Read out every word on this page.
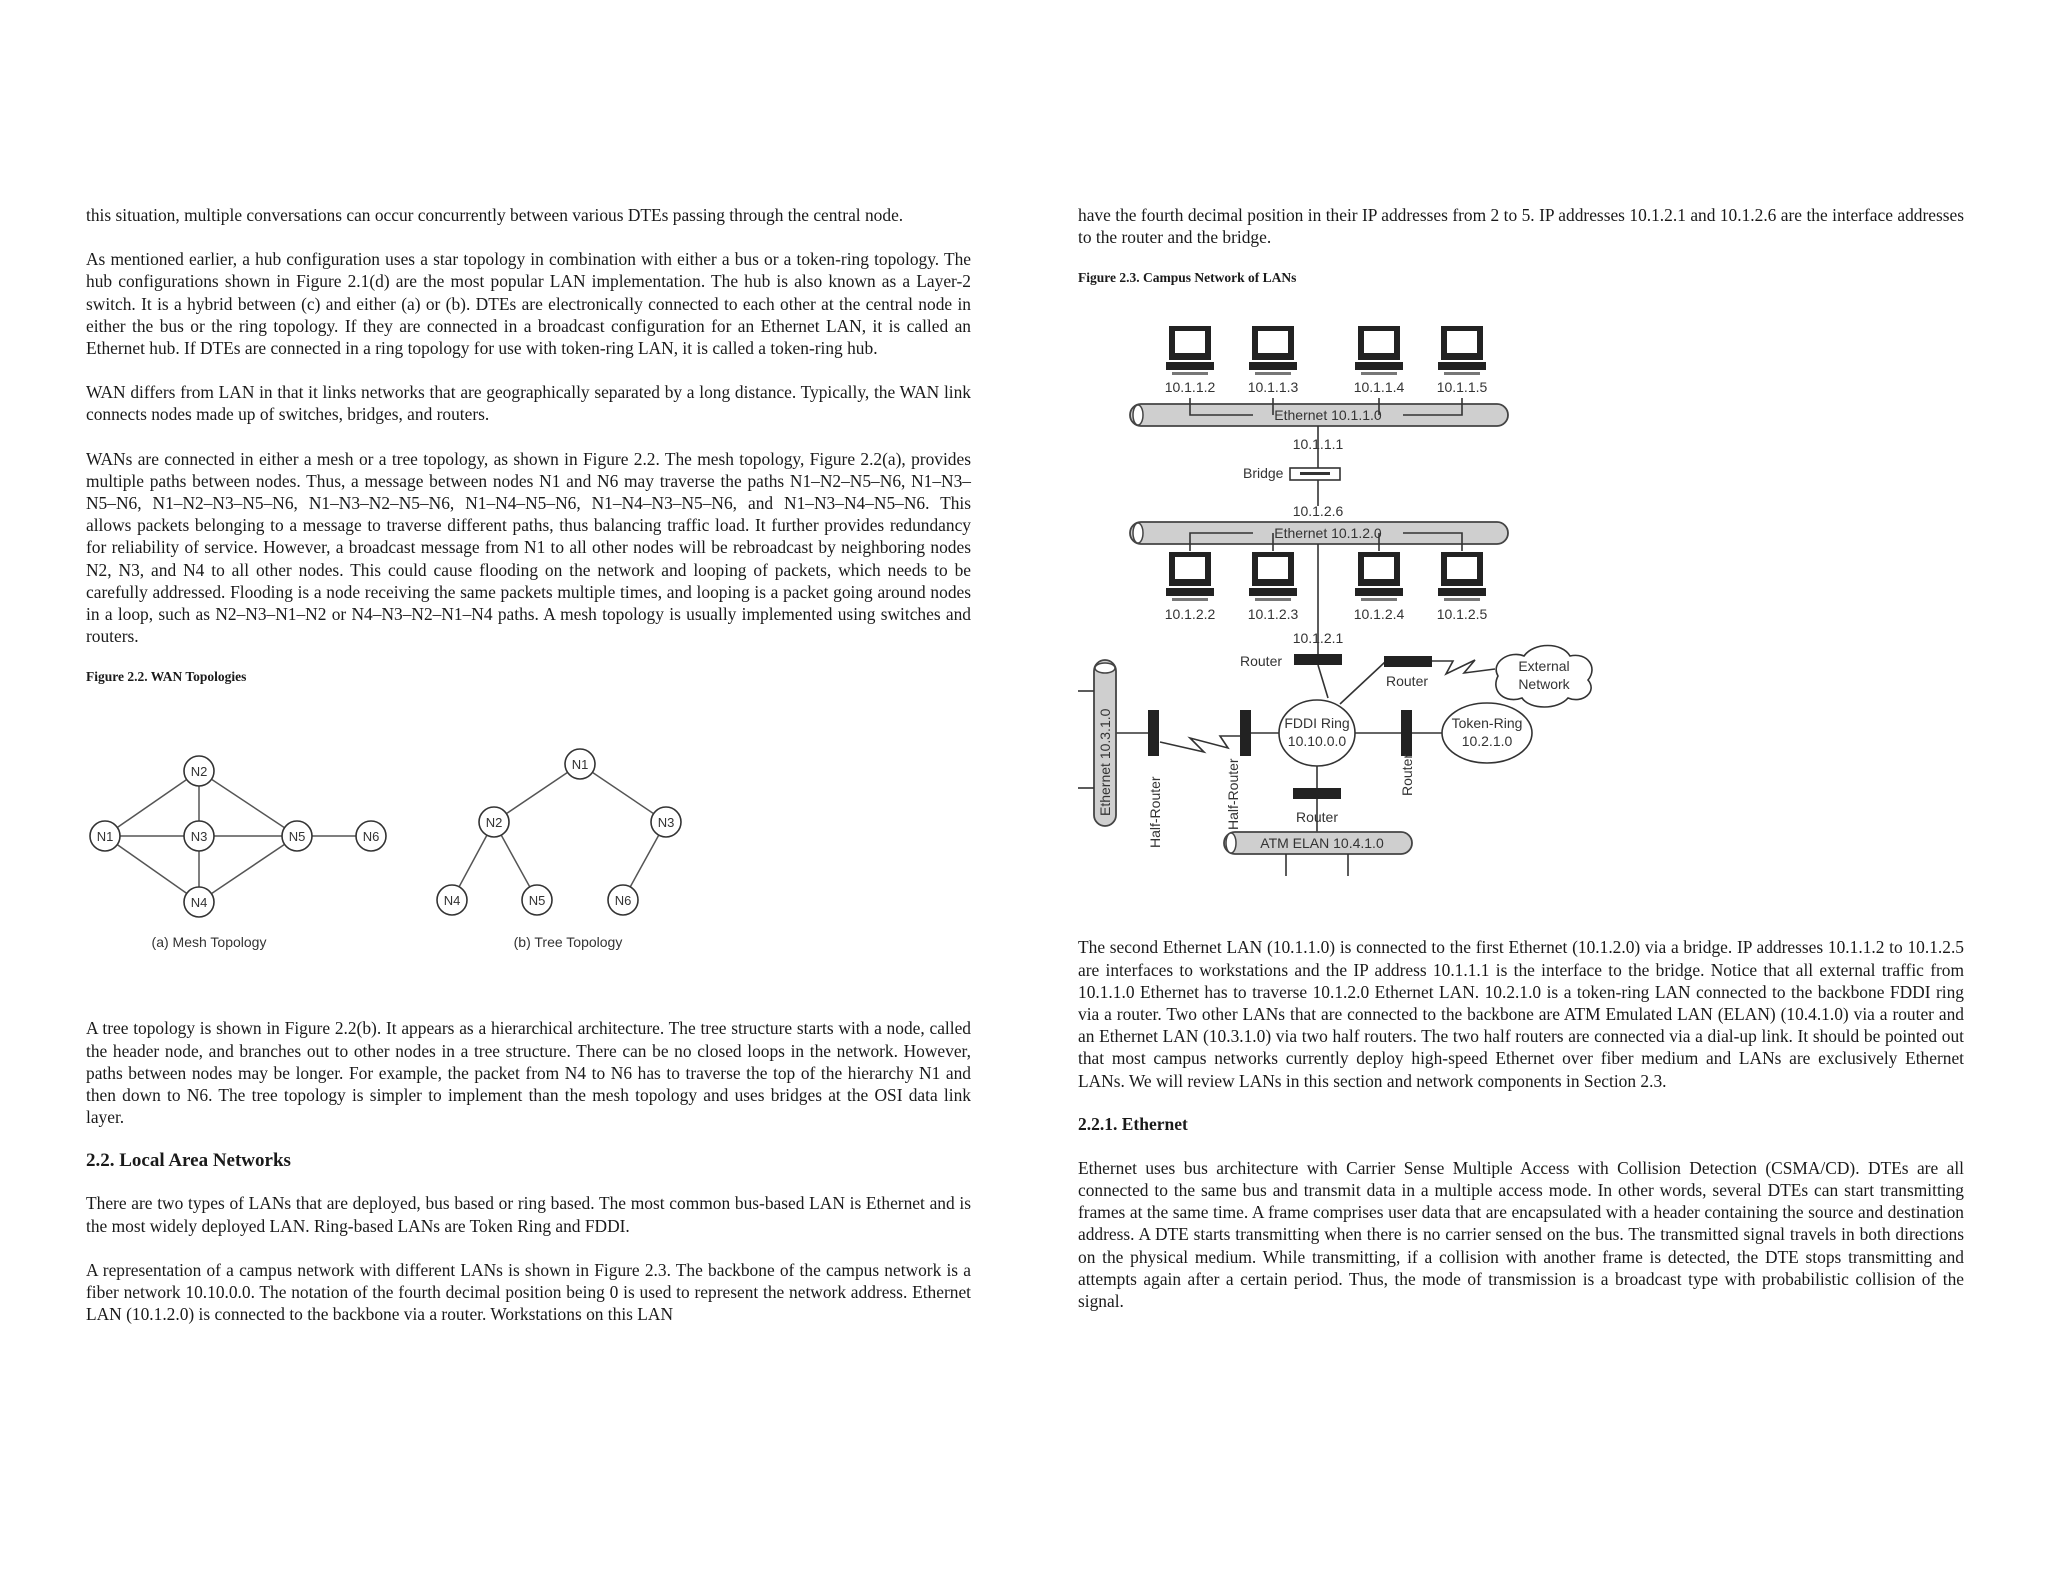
this situation, multiple conversations can occur concurrently between various DTEs passing through the central node.

As mentioned earlier, a hub configuration uses a star topology in combination with either a bus or a token-ring topology. The hub configurations shown in Figure 2.1(d) are the most popular LAN implementation. The hub is also known as a Layer-2 switch. It is a hybrid between (c) and either (a) or (b). DTEs are electronically connected to each other at the central node in either the bus or the ring topology. If they are connected in a broadcast configuration for an Ethernet LAN, it is called an Ethernet hub. If DTEs are connected in a ring topology for use with token-ring LAN, it is called a token-ring hub.

WAN differs from LAN in that it links networks that are geographically separated by a long distance. Typically, the WAN link connects nodes made up of switches, bridges, and routers.

WANs are connected in either a mesh or a tree topology, as shown in Figure 2.2. The mesh topology, Figure 2.2(a), provides multiple paths between nodes. Thus, a message between nodes N1 and N6 may traverse the paths N1–N2–N5–N6, N1–N3–N5–N6, N1–N2–N3–N5–N6, N1–N3–N2–N5–N6, N1–N4–N5–N6, N1–N4–N3–N5–N6, and N1–N3–N4–N5–N6. This allows packets belonging to a message to traverse different paths, thus balancing traffic load. It further provides redundancy for reliability of service. However, a broadcast message from N1 to all other nodes will be rebroadcast by neighboring nodes N2, N3, and N4 to all other nodes. This could cause flooding on the network and looping of packets, which needs to be carefully addressed. Flooding is a node receiving the same packets multiple times, and looping is a packet going around nodes in a loop, such as N2–N3–N1–N2 or N4–N3–N2–N1–N4 paths. A mesh topology is usually implemented using switches and routers.

Figure 2.2. WAN Topologies
N1
N2
N3
N4
N5	N6
(a) Mesh Topology
N1
N2	N3
N4	N5	N6
(b) Tree Topology

A tree topology is shown in Figure 2.2(b). It appears as a hierarchical architecture. The tree structure starts with a node, called the header node, and branches out to other nodes in a tree structure. There can be no closed loops in the network. However, paths between nodes may be longer. For example, the packet from N4 to N6 has to traverse the top of the hierarchy N1 and then down to N6. The tree topology is simpler to implement than the mesh topology and uses bridges at the OSI data link layer.

2.2. Local Area Networks

There are two types of LANs that are deployed, bus based or ring based. The most common bus-based LAN is Ethernet and is the most widely deployed LAN. Ring-based LANs are Token Ring and FDDI.

A representation of a campus network with different LANs is shown in Figure 2.3. The backbone of the campus network is a fiber network 10.10.0.0. The notation of the fourth decimal position being 0 is used to represent the network address. Ethernet LAN (10.1.2.0) is connected to the backbone via a router. Workstations on this LAN

have the fourth decimal position in their IP addresses from 2 to 5. IP addresses 10.1.2.1 and 10.1.2.6 are the interface addresses to the router and the bridge.

Figure 2.3. Campus Network of LANs
10.1.1.2 10.1.1.3	10.1.1.4 10.1.1.5
Ethernet 10.1.1.0
10.1.1.1
Bridge
10.1.2.6
Ethernet 10.1.2.0
10.1.2.2 10.1.2.3	10.1.2.4 10.1.2.5
10.1.2.1
Router
FDDI Ring
10.10.0.0
Router
External
Network
Router
Token-Ring
10.2.1.0
Router
ATM ELAN 10.4.1.0
Half-Router
Half-Router
Ethernet 10.3.1.0

The second Ethernet LAN (10.1.1.0) is connected to the first Ethernet (10.1.2.0) via a bridge. IP addresses 10.1.1.2 to 10.1.2.5 are interfaces to workstations and the IP address 10.1.1.1 is the interface to the bridge. Notice that all external traffic from 10.1.1.0 Ethernet has to traverse 10.1.2.0 Ethernet LAN. 10.2.1.0 is a token-ring LAN connected to the backbone FDDI ring via a router. Two other LANs that are connected to the backbone are ATM Emulated LAN (ELAN) (10.4.1.0) via a router and an Ethernet LAN (10.3.1.0) via two half routers. The two half routers are connected via a dial-up link. It should be pointed out that most campus networks currently deploy high-speed Ethernet over fiber medium and LANs are exclusively Ethernet LANs. We will review LANs in this section and network components in Section 2.3.

2.2.1. Ethernet

Ethernet uses bus architecture with Carrier Sense Multiple Access with Collision Detection (CSMA/CD). DTEs are all connected to the same bus and transmit data in a multiple access mode. In other words, several DTEs can start transmitting frames at the same time. A frame comprises user data that are encapsulated with a header containing the source and destination address. A DTE starts transmitting when there is no carrier sensed on the bus. The transmitted signal travels in both directions on the physical medium. While transmitting, if a collision with another frame is detected, the DTE stops transmitting and attempts again after a certain period. Thus, the mode of transmission is a broadcast type with probabilistic collision of the signal.
